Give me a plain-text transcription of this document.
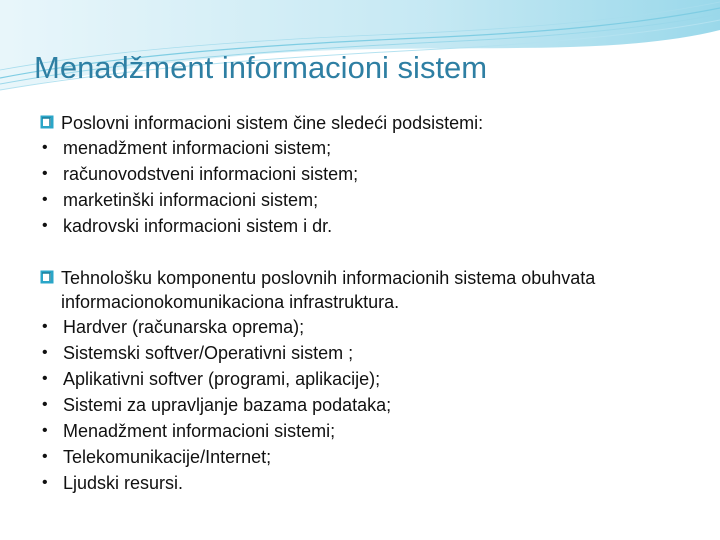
Menadžment informacioni sistem
Poslovni informacioni sistem čine sledeći podsistemi:
• menadžment informacioni sistem;
• računovodstveni informacioni sistem;
• marketinški informacioni sistem;
• kadrovski informacioni sistem i dr.
Tehnološku komponentu poslovnih informacionih sistema obuhvata informacionokomunikaciona infrastruktura.
• Hardver (računarska oprema);
• Sistemski softver/Operativni sistem ;
• Aplikativni softver (programi, aplikacije);
• Sistemi za upravljanje bazama podataka;
• Menadžment informacioni sistemi;
• Telekomunikacije/Internet;
• Ljudski resursi.
